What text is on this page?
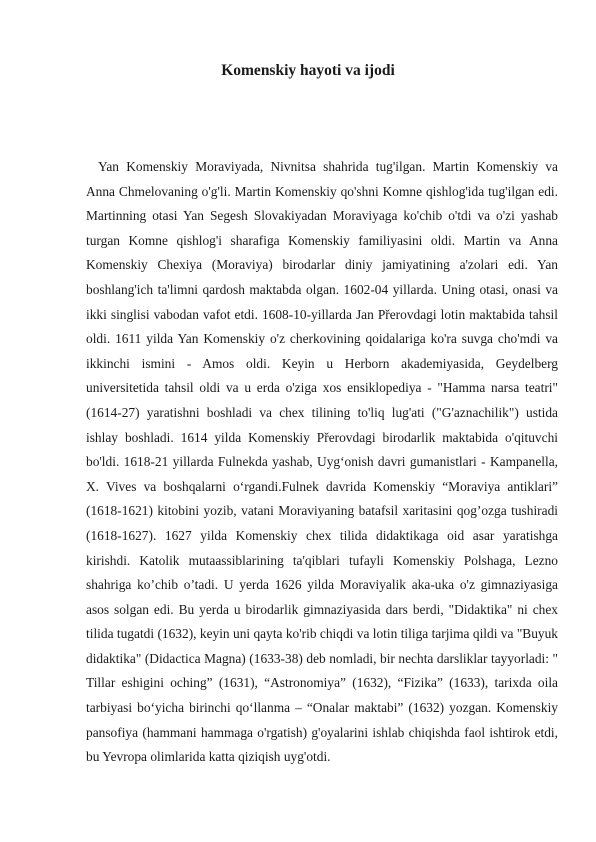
Komenskiy hayoti va ijodi

Yan Komenskiy Moraviyada, Nivnitsa shahrida tug'ilgan. Martin Komenskiy va Anna Chmelovaning o'g'li. Martin Komenskiy qo'shni Komne qishlog'ida tug'ilgan edi. Martinning otasi Yan Segesh Slovakiyadan Moraviyaga ko'chib o'tdi va o'zi yashab turgan Komne qishlog'i sharafiga Komenskiy familiyasini oldi. Martin va Anna Komenskiy Chexiya (Moraviya) birodarlar diniy jamiyatining a'zolari edi. Yan boshlang'ich ta'limni qardosh maktabda olgan. 1602-04 yillarda. Uning otasi, onasi va ikki singlisi vabodan vafot etdi. 1608-10-yillarda Jan Přerovdagi lotin maktabida tahsil oldi. 1611 yilda Yan Komenskiy o'z cherkovining qoidalariga ko'ra suvga cho'mdi va ikkinchi ismini - Amos oldi. Keyin u Herborn akademiyasida, Geydelberg universitetida tahsil oldi va u erda o'ziga xos ensiklopediya - "Hamma narsa teatri" (1614-27) yaratishni boshladi va chex tilining to'liq lug'ati ("G'aznachilik") ustida ishlay boshladi. 1614 yilda Komenskiy Přerovdagi birodarlik maktabida o'qituvchi bo'ldi. 1618-21 yillarda Fulnekda yashab, Uyg‘onish davri gumanistlari - Kampanella, X. Vives va boshqalarni o‘rgandi.Fulnek davrida Komenskiy “Moraviya antiklari” (1618-1621) kitobini yozib, vatani Moraviyaning batafsil xaritasini qog’ozga tushiradi (1618-1627). 1627 yilda Komenskiy chex tilida didaktikaga oid asar yaratishga kirishdi. Katolik mutaassiblarining ta'qiblari tufayli Komenskiy Polshaga, Lezno shahriga ko’chib o’tadi. U yerda 1626 yilda Moraviyalik aka-uka o'z gimnaziyasiga asos solgan edi. Bu yerda u birodarlik gimnaziyasida dars berdi, "Didaktika" ni chex tilida tugatdi (1632), keyin uni qayta ko'rib chiqdi va lotin tiliga tarjima qildi va "Buyuk didaktika" (Didactica Magna) (1633-38) deb nomladi, bir nechta darsliklar tayyorladi: " Tillar eshigini oching” (1631), “Astronomiya” (1632), “Fizika” (1633), tarixda oila tarbiyasi bo‘yicha birinchi qo‘llanma – “Onalar maktabi” (1632) yozgan. Komenskiy pansofiya (hammani hammaga o'rgatish) g'oyalarini ishlab chiqishda faol ishtirok etdi, bu Yevropa olimlarida katta qiziqish uyg'otdi.
